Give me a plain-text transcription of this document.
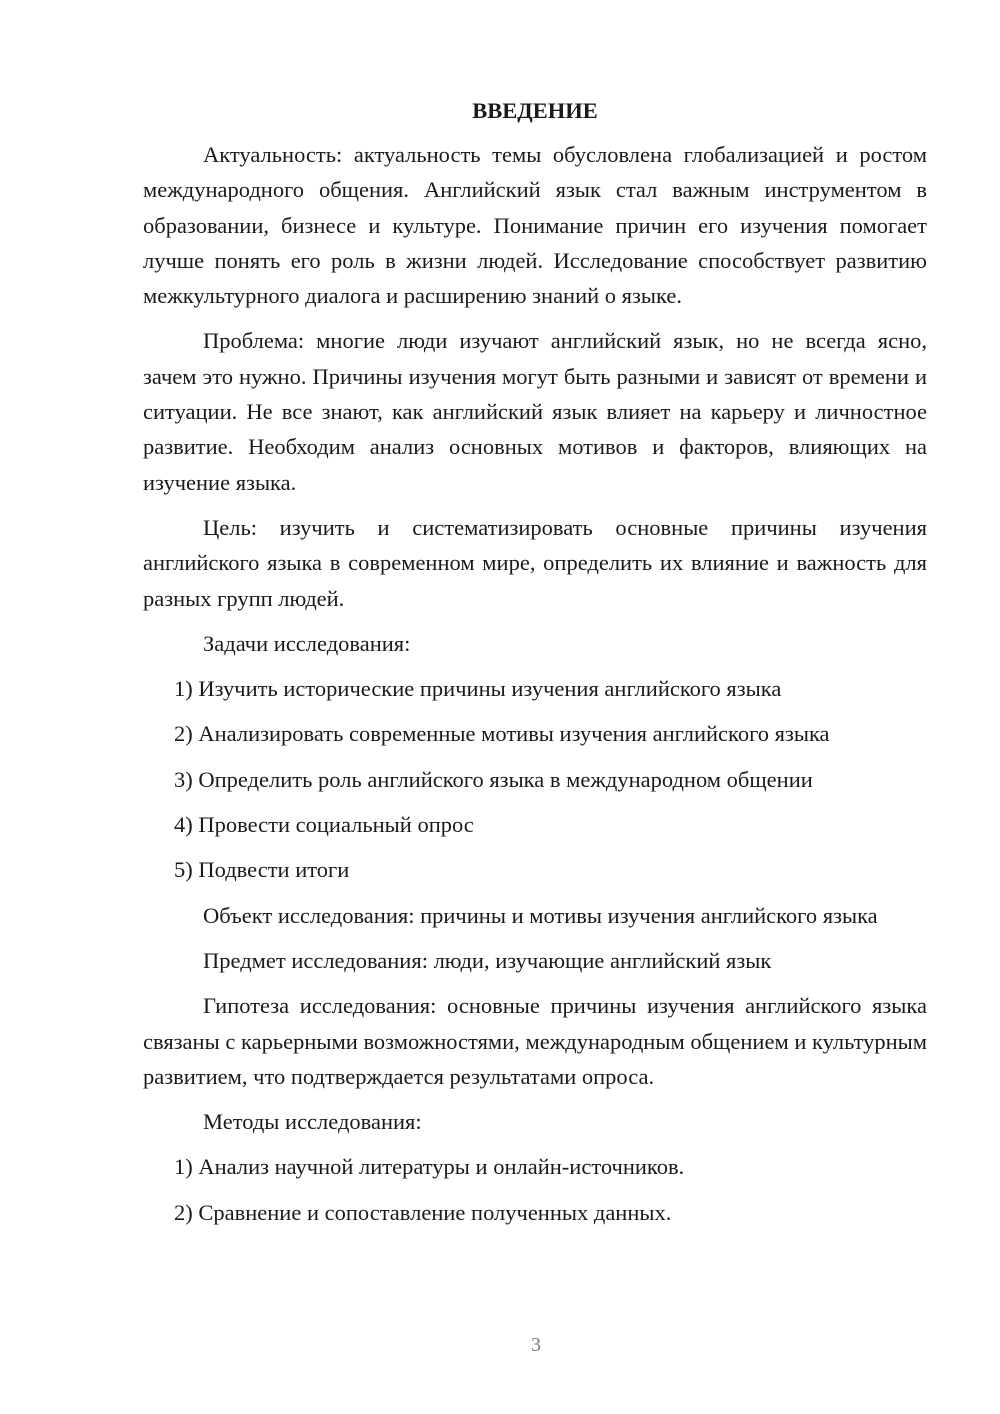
ВВЕДЕНИЕ

Актуальность: актуальность темы обусловлена глобализацией и ростом международного общения. Английский язык стал важным инструментом в образовании, бизнесе и культуре. Понимание причин его изучения помогает лучше понять его роль в жизни людей. Исследование способствует развитию межкультурного диалога и расширению знаний о языке.

Проблема: многие люди изучают английский язык, но не всегда ясно, зачем это нужно. Причины изучения могут быть разными и зависят от времени и ситуации. Не все знают, как английский язык влияет на карьеру и личностное развитие. Необходим анализ основных мотивов и факторов, влияющих на изучение языка.

Цель: изучить и систематизировать основные причины изучения английского языка в современном мире, определить их влияние и важность для разных групп людей.

Задачи исследования:
1) Изучить исторические причины изучения английского языка
2) Анализировать современные мотивы изучения английского языка
3) Определить роль английского языка в международном общении
4) Провести социальный опрос
5) Подвести итоги

Объект исследования: причины и мотивы изучения английского языка

Предмет исследования: люди, изучающие английский язык

Гипотеза исследования: основные причины изучения английского языка связаны с карьерными возможностями, международным общением и культурным развитием, что подтверждается результатами опроса.

Методы исследования:
1) Анализ научной литературы и онлайн-источников.
2) Сравнение и сопоставление полученных данных.
3
